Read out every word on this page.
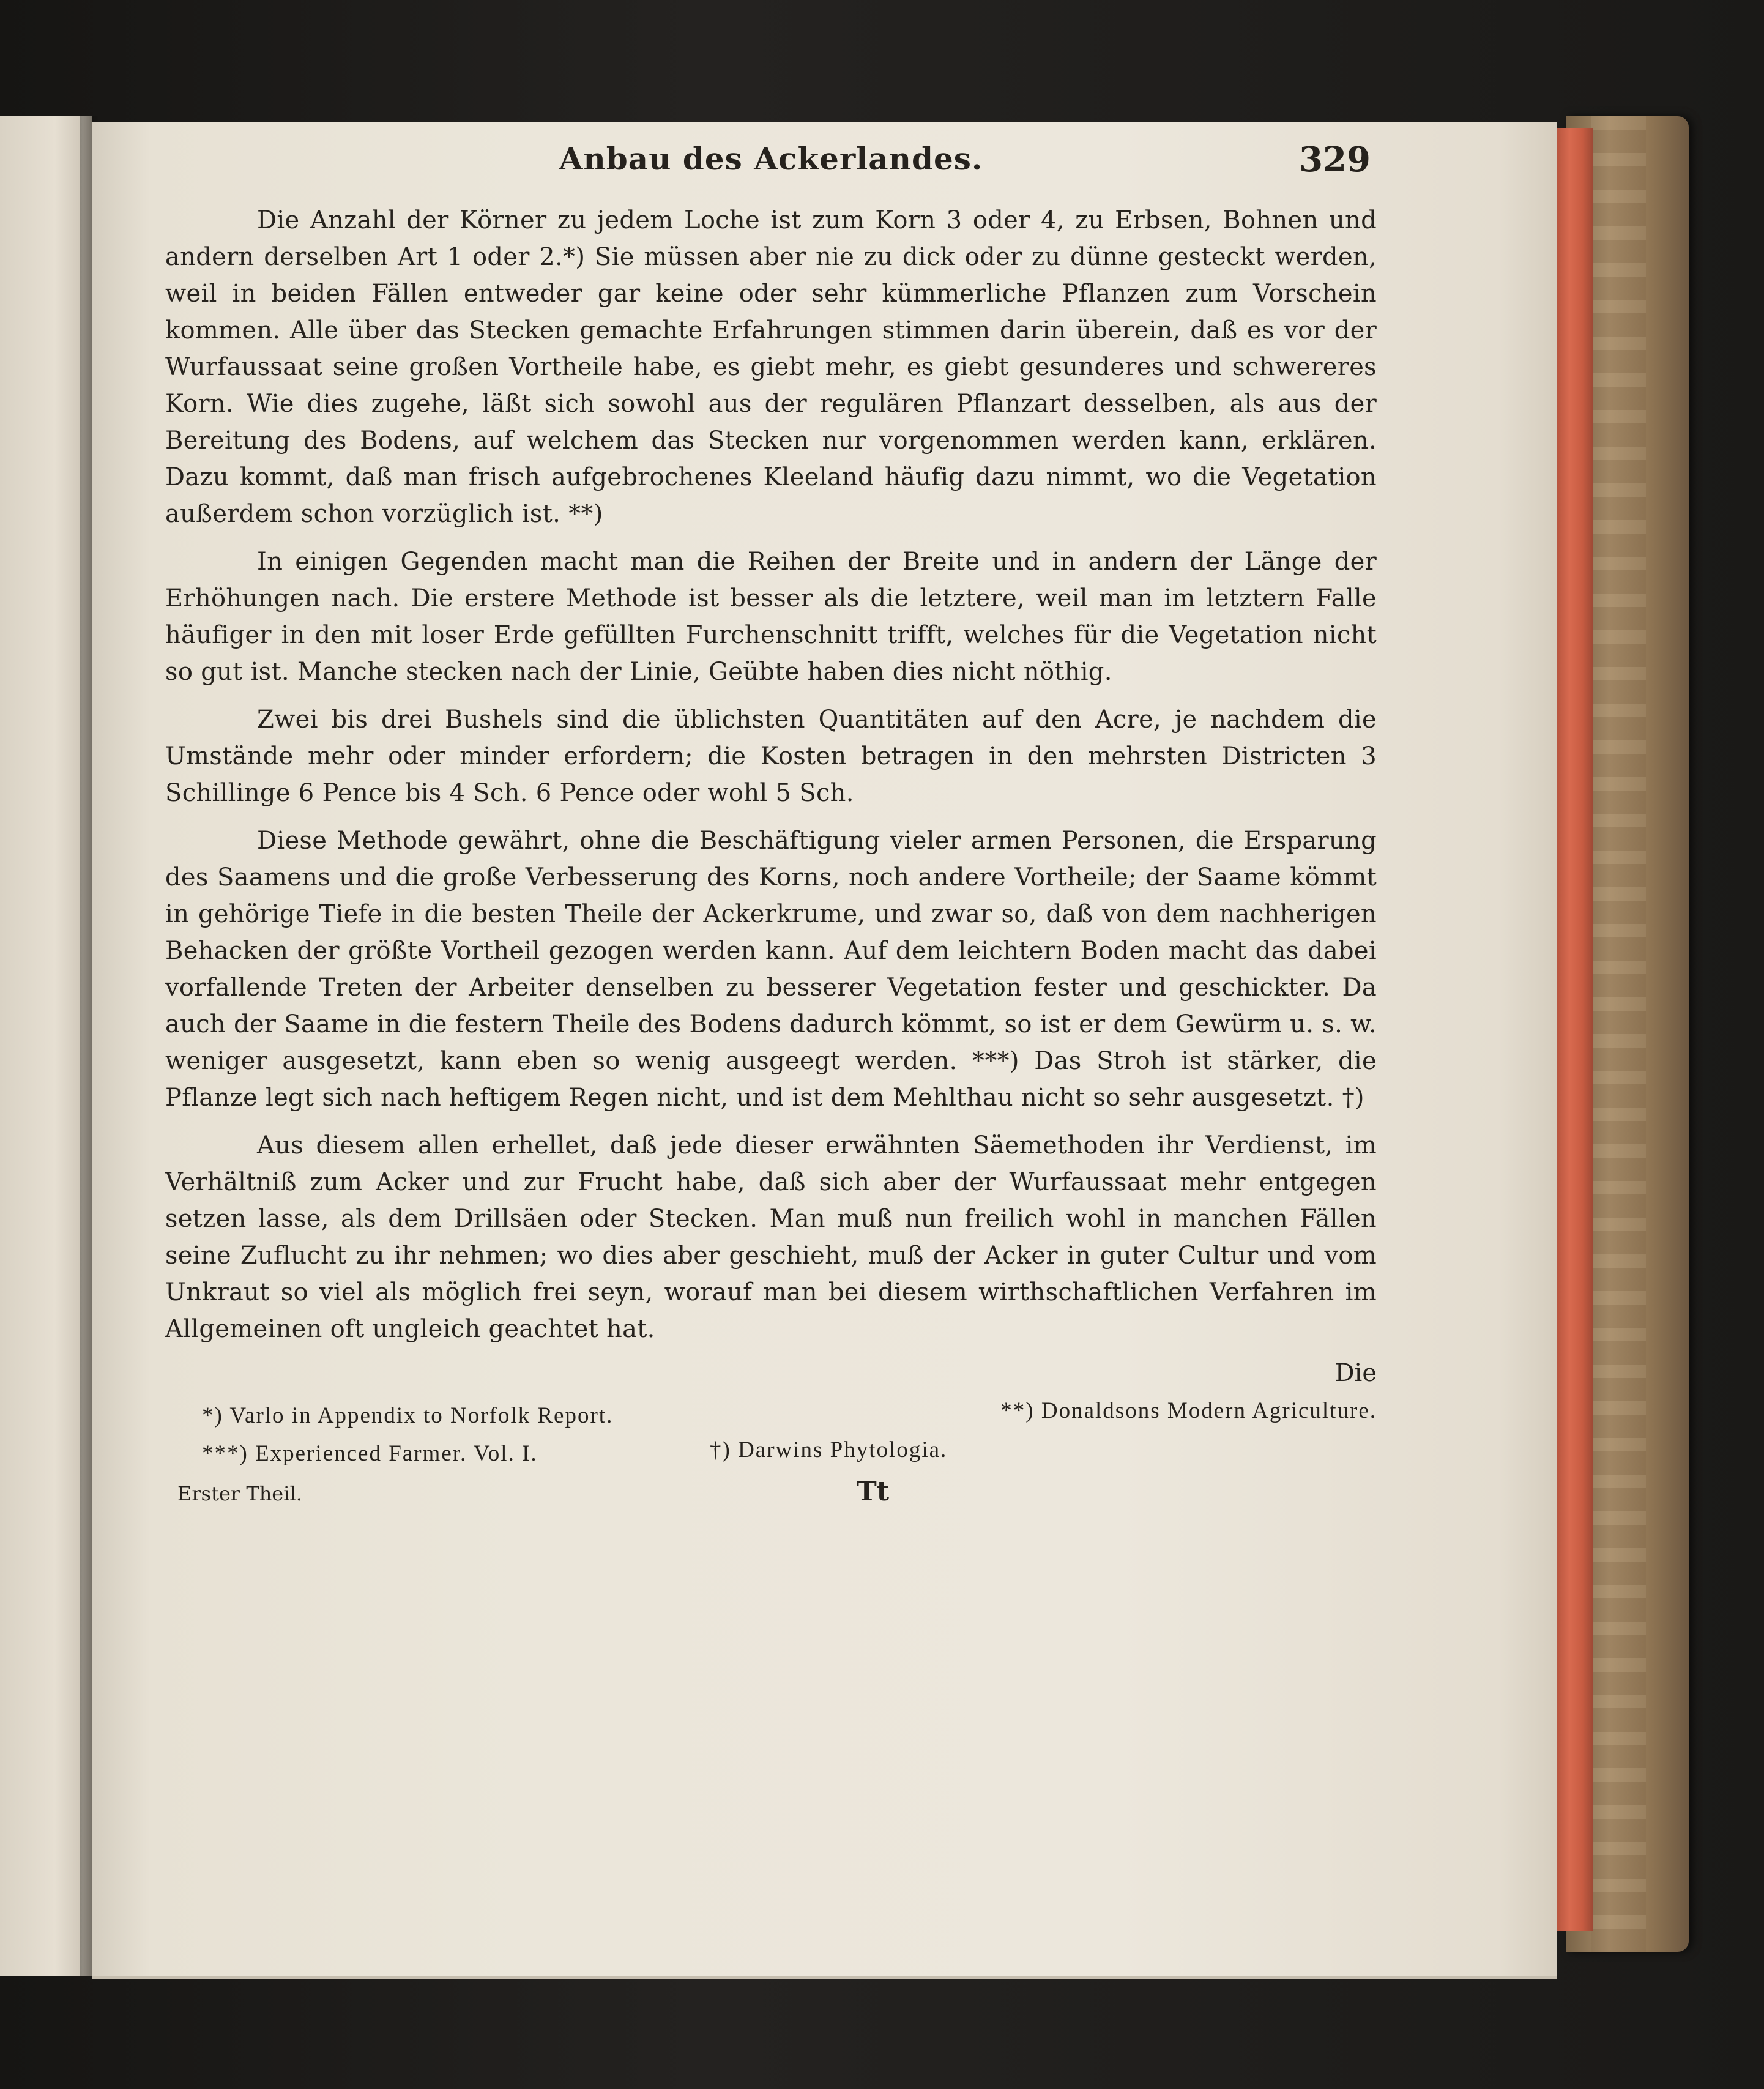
Anbau des Ackerlandes.	329

Die Anzahl der Körner zu jedem Loche ist zum Korn 3 oder 4, zu Erbsen, Bohnen und andern derselben Art 1 oder 2.*) Sie müssen aber nie zu dick oder zu dünne gesteckt werden, weil in beiden Fällen entweder gar keine oder sehr kümmerliche Pflanzen zum Vorschein kommen. Alle über das Stecken gemachte Erfahrungen stimmen darin überein, daß es vor der Wurfaussaat seine großen Vortheile habe, es giebt mehr, es giebt gesunderes und schwereres Korn. Wie dies zugehe, läßt sich sowohl aus der regulären Pflanzart desselben, als aus der Bereitung des Bodens, auf welchem das Stecken nur vorgenommen werden kann, erklären. Dazu kommt, daß man frisch aufgebrochenes Kleeland häufig dazu nimmt, wo die Vegetation außerdem schon vorzüglich ist. **)

In einigen Gegenden macht man die Reihen der Breite und in andern der Länge der Erhöhungen nach. Die erstere Methode ist besser als die letztere, weil man im letztern Falle häufiger in den mit loser Erde gefüllten Furchenschnitt trifft, welches für die Vegetation nicht so gut ist. Manche stecken nach der Linie, Geübte haben dies nicht nöthig.

Zwei bis drei Bushels sind die üblichsten Quantitäten auf den Acre, je nachdem die Umstände mehr oder minder erfordern; die Kosten betragen in den mehrsten Districten 3 Schillinge 6 Pence bis 4 Sch. 6 Pence oder wohl 5 Sch.

Diese Methode gewährt, ohne die Beschäftigung vieler armen Personen, die Ersparung des Saamens und die große Verbesserung des Korns, noch andere Vortheile; der Saame kömmt in gehörige Tiefe in die besten Theile der Ackerkrume, und zwar so, daß von dem nachherigen Behacken der größte Vortheil gezogen werden kann. Auf dem leichtern Boden macht das dabei vorfallende Treten der Arbeiter denselben zu besserer Vegetation fester und geschickter. Da auch der Saame in die festern Theile des Bodens dadurch kömmt, so ist er dem Gewürm u. s. w. weniger ausgesetzt, kann eben so wenig ausgeegt werden. ***) Das Stroh ist stärker, die Pflanze legt sich nach heftigem Regen nicht, und ist dem Mehlthau nicht so sehr ausgesetzt. †)

Aus diesem allen erhellet, daß jede dieser erwähnten Säemethoden ihr Verdienst, im Verhältniß zum Acker und zur Frucht habe, daß sich aber der Wurfaussaat mehr entgegen setzen lasse, als dem Drillsäen oder Stecken. Man muß nun freilich wohl in manchen Fällen seine Zuflucht zu ihr nehmen; wo dies aber geschieht, muß der Acker in guter Cultur und vom Unkraut so viel als möglich frei seyn, worauf man bei diesem wirthschaftlichen Verfahren im Allgemeinen oft ungleich geachtet hat.

Die
*) Varlo in Appendix to Norfolk Report.	**) Donaldsons Modern Agriculture.
***) Experienced Farmer. Vol. I.	†) Darwins Phytologia.
Erster Theil.	Tt
